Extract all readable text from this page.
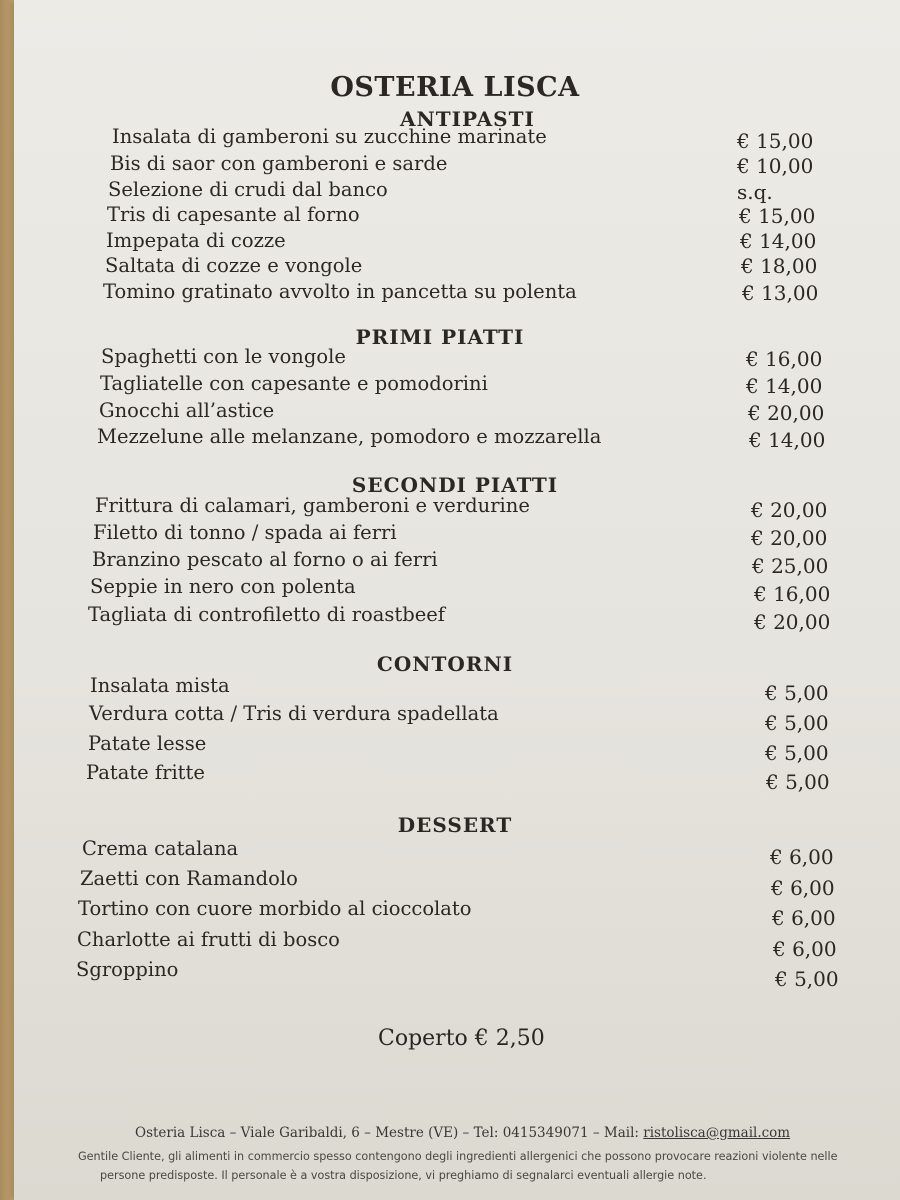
OSTERIA LISCA
ANTIPASTI
Insalata di gamberoni su zucchine marinate	€ 15,00
Bis di saor con gamberoni e sarde	€ 10,00
Selezione di crudi dal banco	s.q.
Tris di capesante al forno	€ 15,00
Impepata di cozze	€ 14,00
Saltata di cozze e vongole	€ 18,00
Tomino gratinato avvolto in pancetta su polenta	€ 13,00
PRIMI PIATTI
Spaghetti con le vongole	€ 16,00
Tagliatelle con capesante e pomodorini	€ 14,00
Gnocchi all’astice	€ 20,00
Mezzelune alle melanzane, pomodoro e mozzarella	€ 14,00
SECONDI PIATTI
Frittura di calamari, gamberoni e verdurine	€ 20,00
Filetto di tonno / spada ai ferri	€ 20,00
Branzino pescato al forno o ai ferri	€ 25,00
Seppie in nero con polenta	€ 16,00
Tagliata di controfiletto di roastbeef	€ 20,00
CONTORNI
Insalata mista	€ 5,00
Verdura cotta / Tris di verdura spadellata	€ 5,00
Patate lesse	€ 5,00
Patate fritte	€ 5,00
DESSERT
Crema catalana	€ 6,00
Zaetti con Ramandolo	€ 6,00
Tortino con cuore morbido al cioccolato	€ 6,00
Charlotte ai frutti di bosco	€ 6,00
Sgroppino	€ 5,00
Coperto € 2,50
Osteria Lisca – Viale Garibaldi, 6 – Mestre (VE) – Tel: 0415349071 – Mail: ristolisca@gmail.com
Gentile Cliente, gli alimenti in commercio spesso contengono degli ingredienti allergenici che possono provocare reazioni violente nelle
persone predisposte. Il personale è a vostra disposizione, vi preghiamo di segnalarci eventuali allergie note.
